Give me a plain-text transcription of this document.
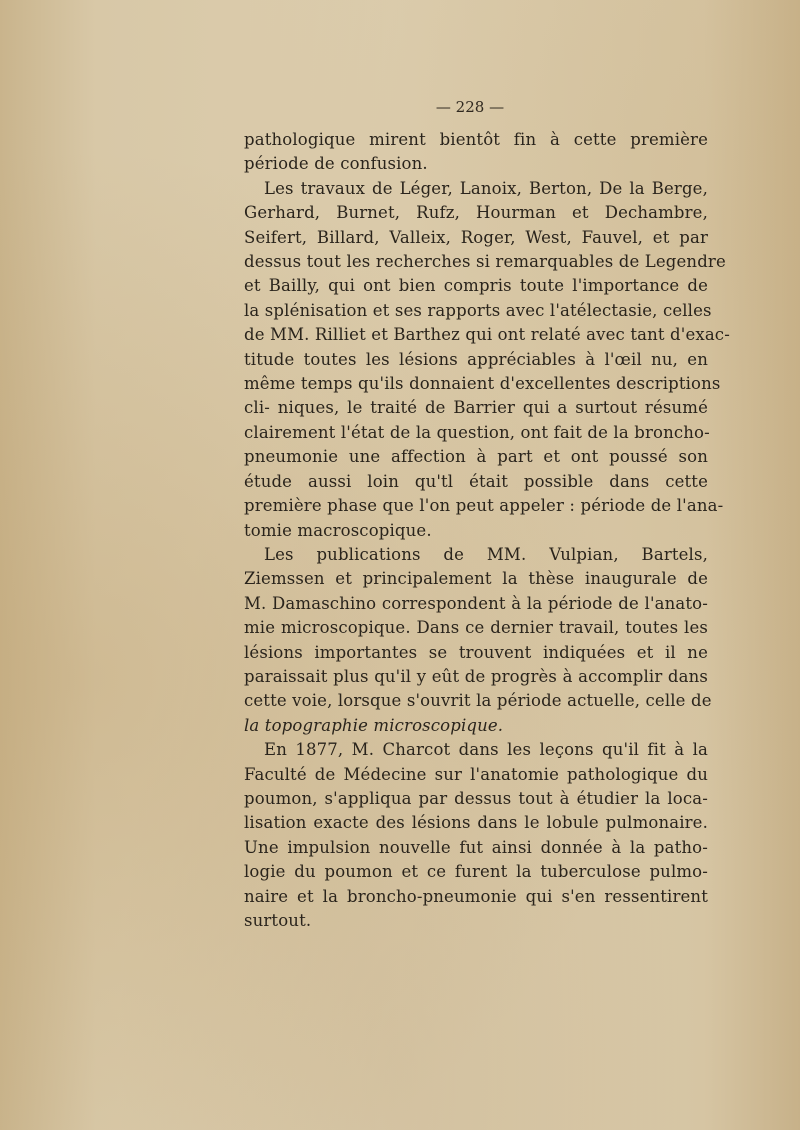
— 228 —

pathologique mirent bientôt fin à cette première
période de confusion.

Les travaux de Léger, Lanoix, Berton, De la Berge,
Gerhard, Burnet, Rufz, Hourman et Dechambre,
Seifert, Billard, Valleix, Roger, West, Fauvel, et par
dessus tout les recherches si remarquables de Legendre
et Bailly, qui ont bien compris toute l'importance de
la splénisation et ses rapports avec l'atélectasie, celles
de MM. Rilliet et Barthez qui ont relaté avec tant d'exac-
titude toutes les lésions appréciables à l'œil nu, en
même temps qu'ils donnaient d'excellentes descriptions
cli- niques, le traité de Barrier qui a surtout résumé
clairement l'état de la question, ont fait de la broncho-
pneumonie une affection à part et ont poussé son
étude aussi loin qu'tl était possible dans cette
première phase que l'on peut appeler : période de l'ana-
tomie macroscopique.

Les publications de MM. Vulpian, Bartels,
Ziemssen et principalement la thèse inaugurale de
M. Damaschino correspondent à la période de l'anato-
mie microscopique. Dans ce dernier travail, toutes les
lésions importantes se trouvent indiquées et il ne
paraissait plus qu'il y eût de progrès à accomplir dans
cette voie, lorsque s'ouvrit la période actuelle, celle de
la topographie microscopique.

En 1877, M. Charcot dans les leçons qu'il fit à la
Faculté de Médecine sur l'anatomie pathologique du
poumon, s'appliqua par dessus tout à étudier la loca-
lisation exacte des lésions dans le lobule pulmonaire.
Une impulsion nouvelle fut ainsi donnée à la patho-
logie du poumon et ce furent la tuberculose pulmo-
naire et la broncho-pneumonie qui s'en ressentirent
surtout.
